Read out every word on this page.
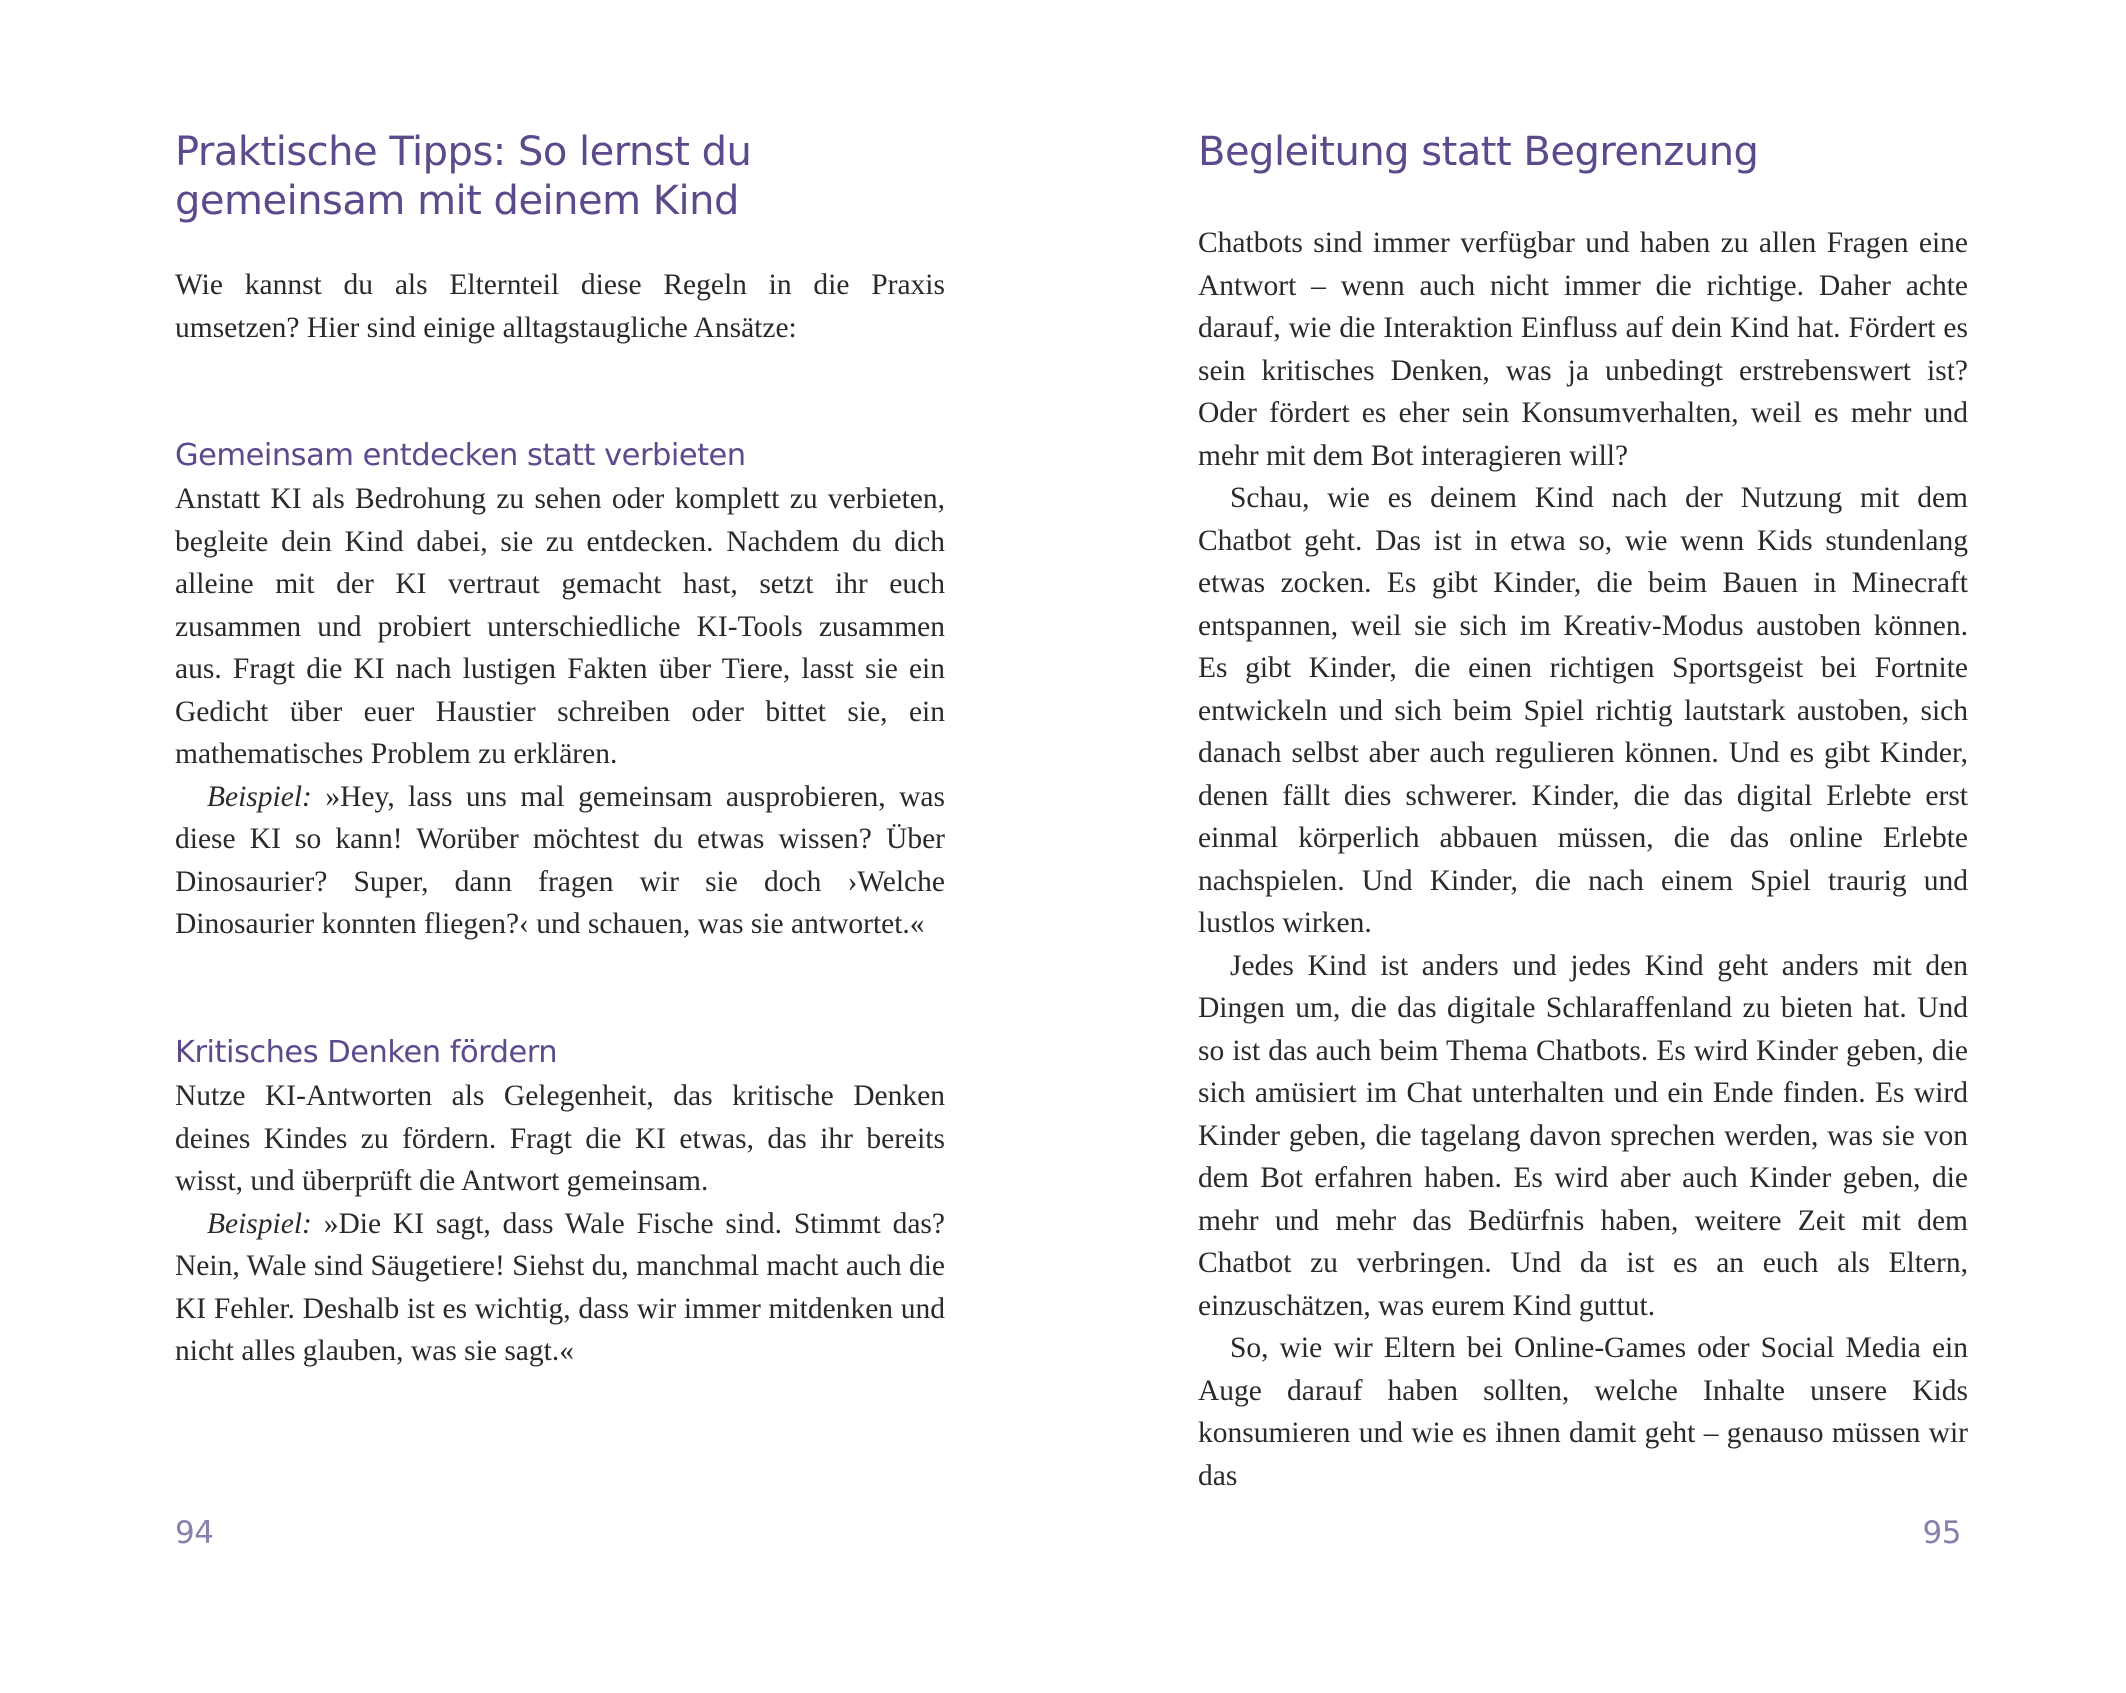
Praktische Tipps: So lernst du gemeinsam mit deinem Kind

Wie kannst du als Elternteil diese Regeln in die Praxis umsetzen? Hier sind einige alltagstaugliche Ansätze:

Gemeinsam entdecken statt verbieten

Anstatt KI als Bedrohung zu sehen oder komplett zu verbieten, begleite dein Kind dabei, sie zu entdecken. Nachdem du dich alleine mit der KI vertraut gemacht hast, setzt ihr euch zusammen und probiert unterschiedliche KI-Tools zusammen aus. Fragt die KI nach lustigen Fakten über Tiere, lasst sie ein Gedicht über euer Haustier schreiben oder bittet sie, ein mathematisches Problem zu erklären.

Beispiel: »Hey, lass uns mal gemeinsam ausprobieren, was diese KI so kann! Worüber möchtest du etwas wissen? Über Dinosaurier? Super, dann fragen wir sie doch ›Welche Dinosaurier konnten fliegen?‹ und schauen, was sie antwortet.«

Kritisches Denken fördern

Nutze KI-Antworten als Gelegenheit, das kritische Denken deines Kindes zu fördern. Fragt die KI etwas, das ihr bereits wisst, und überprüft die Antwort gemeinsam.

Beispiel: »Die KI sagt, dass Wale Fische sind. Stimmt das? Nein, Wale sind Säugetiere! Siehst du, manchmal macht auch die KI Fehler. Deshalb ist es wichtig, dass wir immer mitdenken und nicht alles glauben, was sie sagt.«

94
Begleitung statt Begrenzung

Chatbots sind immer verfügbar und haben zu allen Fragen eine Antwort – wenn auch nicht immer die richtige. Daher achte darauf, wie die Interaktion Einfluss auf dein Kind hat. Fördert es sein kritisches Denken, was ja unbedingt erstrebenswert ist? Oder fördert es eher sein Konsumverhalten, weil es mehr und mehr mit dem Bot interagieren will?

Schau, wie es deinem Kind nach der Nutzung mit dem Chatbot geht. Das ist in etwa so, wie wenn Kids stundenlang etwas zocken. Es gibt Kinder, die beim Bauen in Minecraft entspannen, weil sie sich im Kreativ-Modus austoben können. Es gibt Kinder, die einen richtigen Sportsgeist bei Fortnite entwickeln und sich beim Spiel richtig lautstark austoben, sich danach selbst aber auch regulieren können. Und es gibt Kinder, denen fällt dies schwerer. Kinder, die das digital Erlebte erst einmal körperlich abbauen müssen, die das online Erlebte nachspielen. Und Kinder, die nach einem Spiel traurig und lustlos wirken.

Jedes Kind ist anders und jedes Kind geht anders mit den Dingen um, die das digitale Schlaraffenland zu bieten hat. Und so ist das auch beim Thema Chatbots. Es wird Kinder geben, die sich amüsiert im Chat unterhalten und ein Ende finden. Es wird Kinder geben, die tagelang davon sprechen werden, was sie von dem Bot erfahren haben. Es wird aber auch Kinder geben, die mehr und mehr das Bedürfnis haben, weitere Zeit mit dem Chatbot zu verbringen. Und da ist es an euch als Eltern, einzuschätzen, was eurem Kind guttut.

So, wie wir Eltern bei Online-Games oder Social Media ein Auge darauf haben sollten, welche Inhalte unsere Kids konsumieren und wie es ihnen damit geht – genauso müssen wir das

95
